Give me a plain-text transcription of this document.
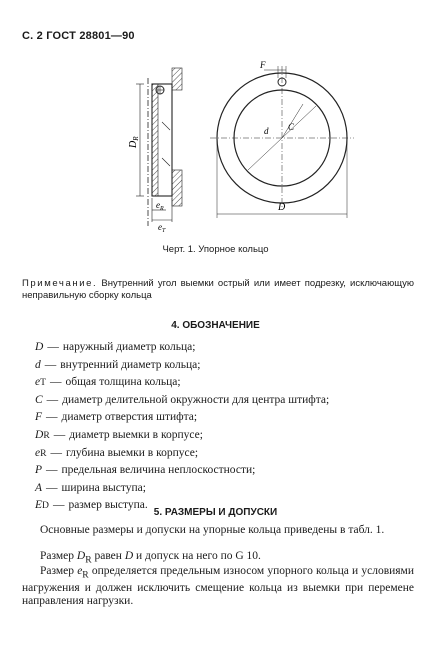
С. 2 ГОСТ 28801—90
$D_R$
$e_R$
$e_T$
F
d C
D
Черт. 1. Упорное кольцо
Примечание. Внутренний угол выемки острый или имеет подрезку, исключающую неправильную сборку кольца
4. ОБОЗНАЧЕНИЕ
D — наружный диаметр кольца;
d — внутренний диаметр кольца;
e T — общая толщина кольца;
C — диаметр делительной окружности для центра штифта;
F — диаметр отверстия штифта;
D R — диаметр выемки в корпусе;
e R — глубина выемки в корпусе;
P — предельная величина неплоскостности;
A — ширина выступа;
E D — размер выступа.
5. РАЗМЕРЫ И ДОПУСКИ
Основные размеры и допуски на упорные кольца приведены в табл. 1.
Размер $D_R$ равен D и допуск на него по G 10.
Размер $e_R$ определяется предельным износом упорного кольца и условиями нагружения и должен исключить смещение кольца из выемки при перемене направления нагрузки.
